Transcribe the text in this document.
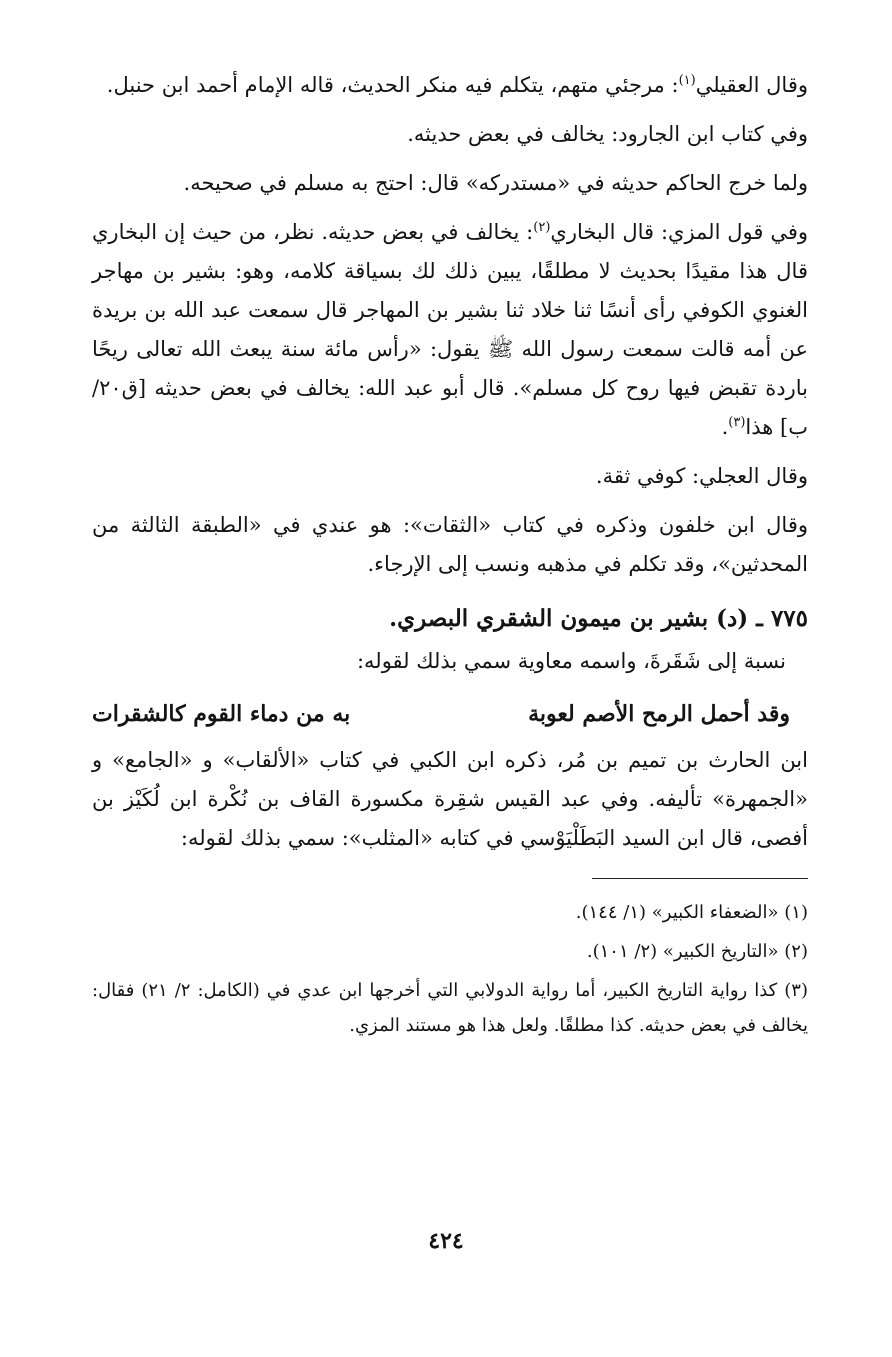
وقال العقيلي$^{(١)}$: مرجئي متهم، يتكلم فيه منكر الحديث، قاله الإمام أحمد ابن حنبل.

وفي كتاب ابن الجارود: يخالف في بعض حديثه.

ولما خرج الحاكم حديثه في «مستدركه» قال: احتج به مسلم في صحيحه.

وفي قول المزي: قال البخاري$^{(٢)}$: يخالف في بعض حديثه. نظر، من حيث إن البخاري قال هذا مقيدًا بحديث لا مطلقًا، يبين ذلك لك بسياقة كلامه، وهو: بشير بن مهاجر الغنوي الكوفي رأى أنسًا ثنا خلاد ثنا بشير بن المهاجر قال سمعت عبد الله بن بريدة عن أمه قالت سمعت رسول الله ﷺ يقول: «رأس مائة سنة يبعث الله تعالى ريحًا باردة تقبض فيها روح كل مسلم». قال أبو عبد الله: يخالف في بعض حديثه [ق٢٠/ب] هذا$^{(٣)}$.

وقال العجلي: كوفي ثقة.

وقال ابن خلفون وذكره في كتاب «الثقات»: هو عندي في «الطبقة الثالثة من المحدثين»، وقد تكلم في مذهبه ونسب إلى الإرجاء.

٧٧٥ ـ (د) بشير بن ميمون الشقري البصري.

نسبة إلى شَقَرةَ، واسمه معاوية سمي بذلك لقوله:

وقد أحمل الرمح الأصم لعوبة
به من دماء القوم كالشقرات

ابن الحارث بن تميم بن مُر، ذكره ابن الكبي في كتاب «الألقاب» و «الجامع» و «الجمهرة» تأليفه. وفي عبد القيس شقِرة مكسورة القاف بن نُكْرة ابن لُكَيْز بن أفصى، قال ابن السيد البَطَلْيَوْسي في كتابه «المثلب»: سمي بذلك لقوله:

(١) «الضعفاء الكبير» (١/ ١٤٤).

(٢) «التاريخ الكبير» (٢/ ١٠١).

(٣) كذا رواية التاريخ الكبير، أما رواية الدولابي التي أخرجها ابن عدي في (الكامل: ٢/ ٢١) فقال: يخالف في بعض حديثه. كذا مطلقًا. ولعل هذا هو مستند المزي.

٤٢٤
